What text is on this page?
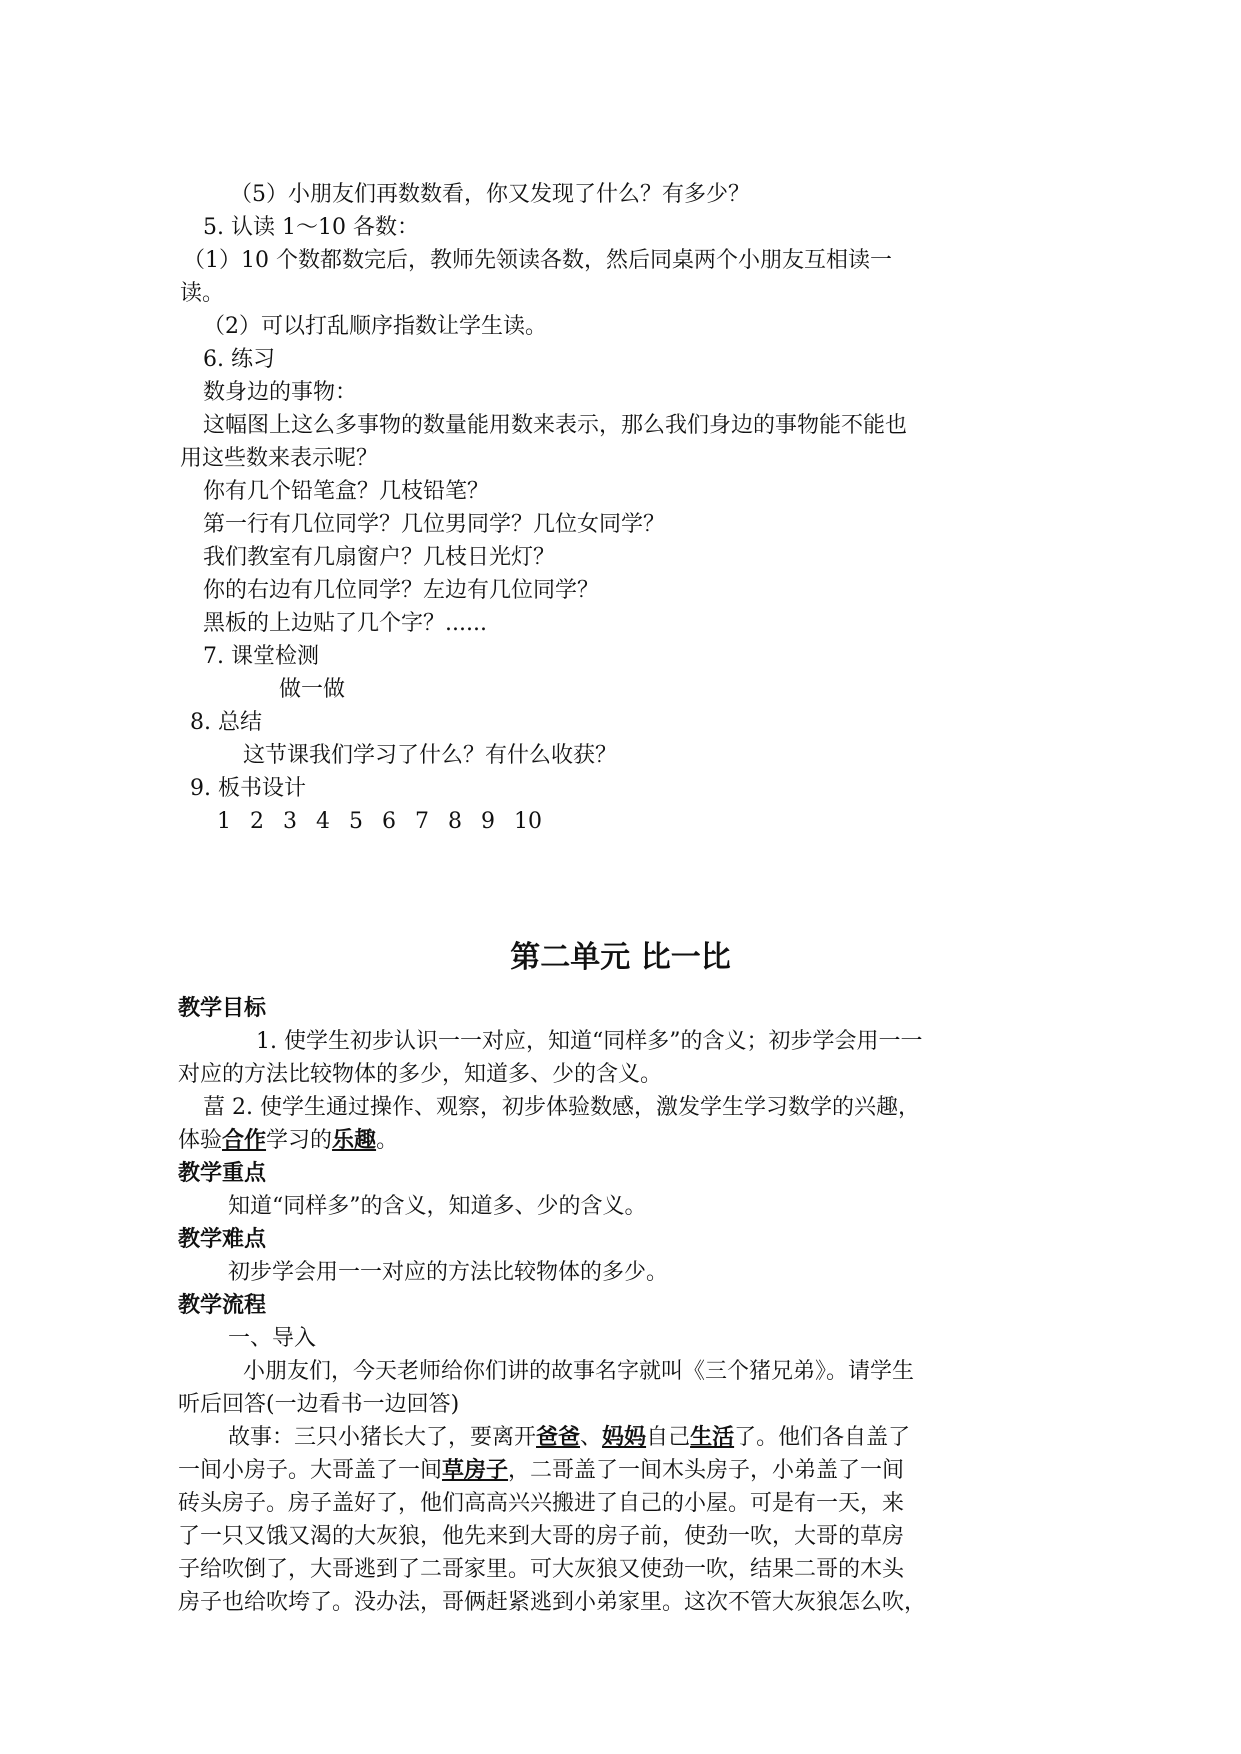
（5）小朋友们再数数看，你又发现了什么？有多少？
5. 认读 1～10 各数：
（1）10 个数都数完后，教师先领读各数，然后同桌两个小朋友互相读一
读。
（2）可以打乱顺序指数让学生读。
6. 练习
数身边的事物：
这幅图上这么多事物的数量能用数来表示，那么我们身边的事物能不能也
用这些数来表示呢？
你有几个铅笔盒？几枝铅笔？
第一行有几位同学？几位男同学？几位女同学？
我们教室有几扇窗户？几枝日光灯？
你的右边有几位同学？左边有几位同学？
黑板的上边贴了几个字？......
7. 课堂检测
做一做
8. 总结
这节课我们学习了什么？有什么收获？
9. 板书设计
1 2 3 4 5 6 7 8 9 10
第二单元 比一比
教学目标
1. 使学生初步认识一一对应，知道“同样多”的含义；初步学会用一一
对应的方法比较物体的多少，知道多、少的含义。
葍 2. 使学生通过操作、观察，初步体验数感，激发学生学习数学的兴趣，
体验合作学习的乐趣。
教学重点
知道“同样多”的含义，知道多、少的含义。
教学难点
初步学会用一一对应的方法比较物体的多少。
教学流程
一、导入
小朋友们，今天老师给你们讲的故事名字就叫《三个猪兄弟》。请学生
听后回答(一边看书一边回答)
故事：三只小猪长大了，要离开爸爸、妈妈自己生活了。他们各自盖了
一间小房子。大哥盖了一间草房子，二哥盖了一间木头房子，小弟盖了一间
砖头房子。房子盖好了，他们高高兴兴搬进了自己的小屋。可是有一天，来
了一只又饿又渴的大灰狼，他先来到大哥的房子前，使劲一吹，大哥的草房
子给吹倒了，大哥逃到了二哥家里。可大灰狼又使劲一吹，结果二哥的木头
房子也给吹垮了。没办法，哥俩赶紧逃到小弟家里。这次不管大灰狼怎么吹，
